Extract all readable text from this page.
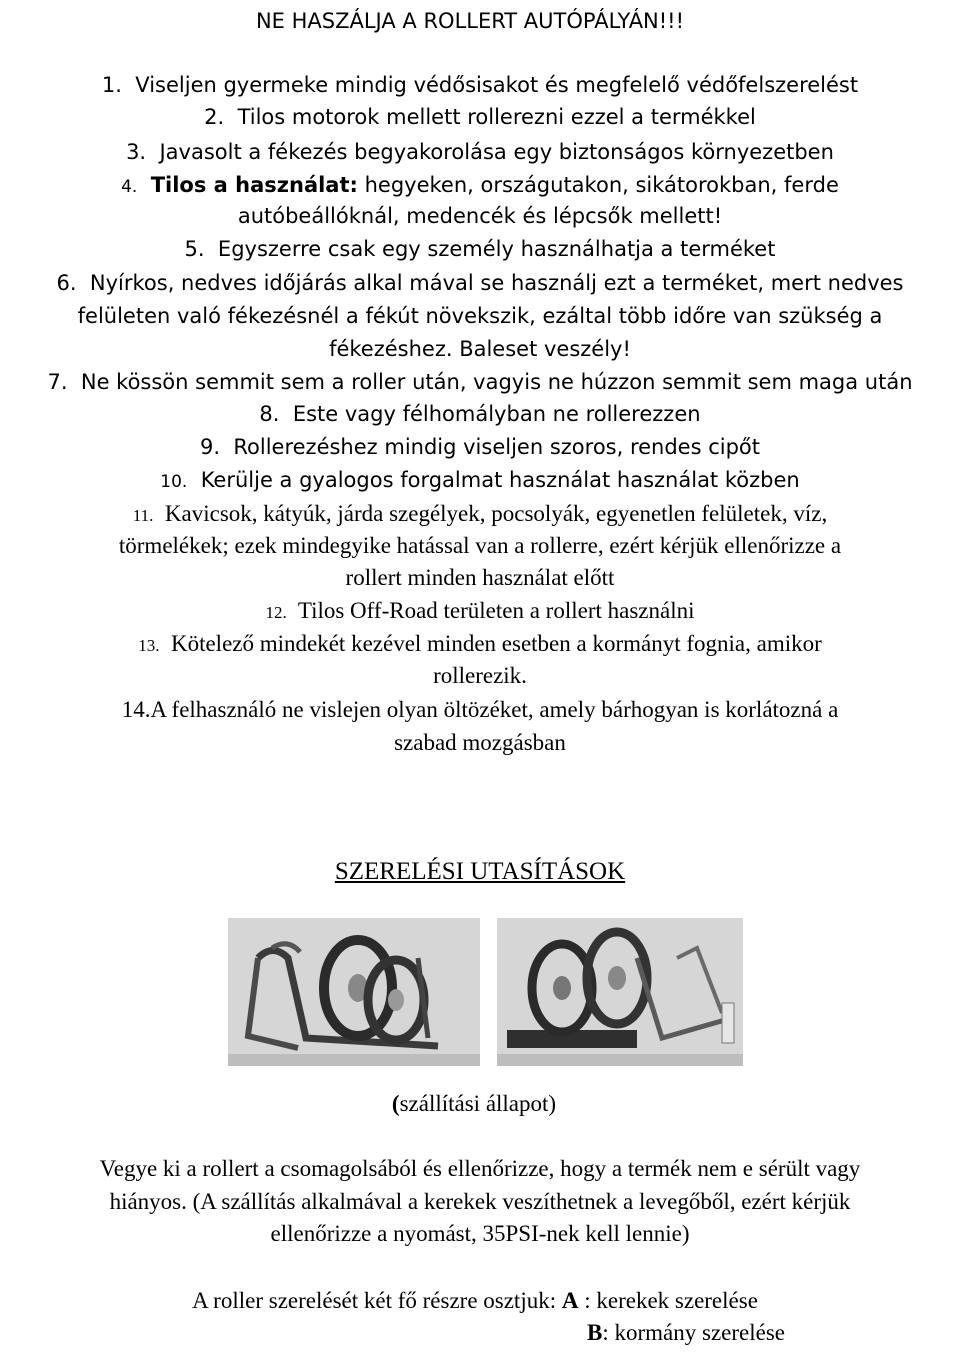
NE HASZÁLJA A ROLLERT AUTÓPÁLYÁN!!!
1. Viseljen gyermeke mindig védősisakot és megfelelő védőfelszerelést
2. Tilos motorok mellett rollerezni ezzel a termékkel
3. Javasolt a fékezés begyakorolása egy biztonságos környezetben
4. Tilos a használat: hegyeken, országutakon, sikátorokban, ferde
autóbeállóknál, medencék és lépcsők mellett!
5. Egyszerre csak egy személy használhatja a terméket
6. Nyírkos, nedves időjárás alkal mával se használj ezt a terméket, mert nedves
felületen való fékezésnél a fékút növekszik, ezáltal több időre van szükség a
fékezéshez. Baleset veszély!
7. Ne kössön semmit sem a roller után, vagyis ne húzzon semmit sem maga után
8. Este vagy félhomályban ne rollerezzen
9. Rollerezéshez mindig viseljen szoros, rendes cipőt
10. Kerülje a gyalogos forgalmat használat használat közben
11. Kavicsok, kátyúk, járda szegélyek, pocsolyák, egyenetlen felületek, víz,
törmelékek; ezek mindegyike hatással van a rollerre, ezért kérjük ellenőrizze a
rollert minden használat előtt
12. Tilos Off-Road területen a rollert használni
13. Kötelező mindekét kezével minden esetben a kormányt fognia, amikor
rollerezik.
14.A felhasználó ne vislejen olyan öltözéket, amely bárhogyan is korlátozná a
szabad mozgásban
SZERELÉSI UTASÍTÁSOK
(szállítási állapot)
Vegye ki a rollert a csomagolsából és ellenőrizze, hogy a termék nem e sérült vagy
hiányos. (A szállítás alkalmával a kerekek veszíthetnek a levegőből, ezért kérjük
ellenőrizze a nyomást, 35PSI-nek kell lennie)
A roller szerelését két fő részre osztjuk: A : kerekek szerelése
B: kormány szerelése
